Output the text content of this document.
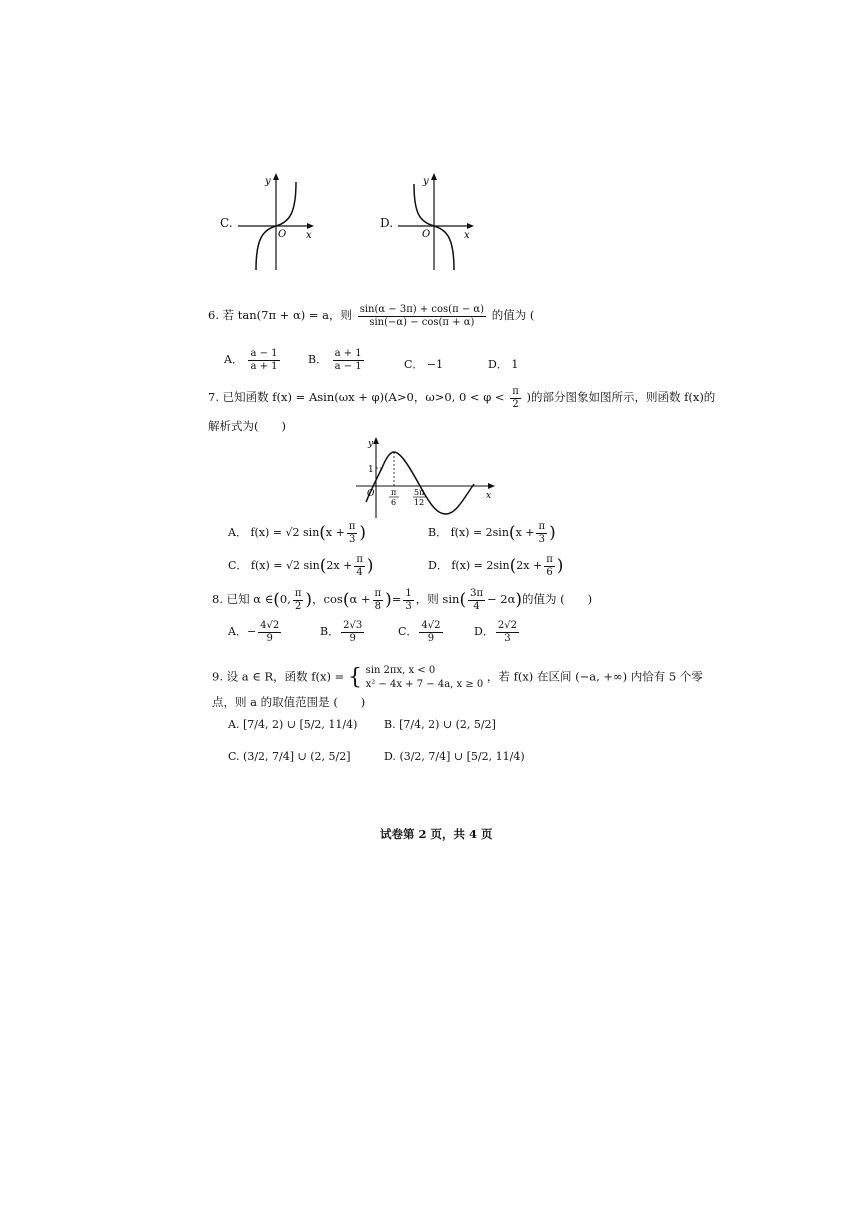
C.
y
x
O
D.
y
x
O
6. 若 tan(7π + α) = a，则 $\frac{\sin(\alpha - 3\pi) + \cos(\pi - \alpha)}{\sin(-\alpha) - \cos(\pi + \alpha)}$ 的值为 (
A． $\frac{a - 1}{a + 1}$	B． $\frac{a + 1}{a - 1}$	C． −1	D． 1
7. 已知函数 f(x) = Asin(ωx + φ)(A>0，ω>0, $0 < \varphi < \frac{\pi}{2}$ )的部分图象如图所示，则函数 f(x)的
解析式为(　　)
y
x
O
1
π
6
5π
12
A． f(x) = √2 $\sin(x + \frac{\pi}{3}$ )	B． $f(x) = 2\sin(x + \frac{\pi}{3}$ )
C． f(x) = √2 $\sin(2x + \frac{\pi}{4}$ )	D． $f(x) = 2\sin(2x + \frac{\pi}{6}$ )
8. 已知 α ∈(0, $\frac{\pi}{2}$ )，$\cos(\alpha + \frac{\pi}{8}$ )= $\frac{1}{3}$ ，则 $\sin( \frac{3\pi}{4} - 2\alpha)$的值为 (　　)
A．− $\frac{4√2}{9}$	B． $\frac{2√3}{9}$	C． $\frac{4√2}{9}$	D． $\frac{2√2}{3}$
9. 设 a ∈ R，函数 f(x) = { sin 2πx, x < 0
x² − 4x + 7 − 4a, x ≥ 0
，若 f(x) 在区间 (−a, +∞) 内恰有 5 个零
点，则 a 的取值范围是 (　　)
A. [7/4, 2) ∪ [5/2, 11/4) B. [7/4, 2) ∪ (2, 5/2]
C. (3/2, 7/4] ∪ (2, 5/2]	D. (3/2, 7/4] ∪ [5/2, 11/4)
试卷第 2 页，共 4 页
